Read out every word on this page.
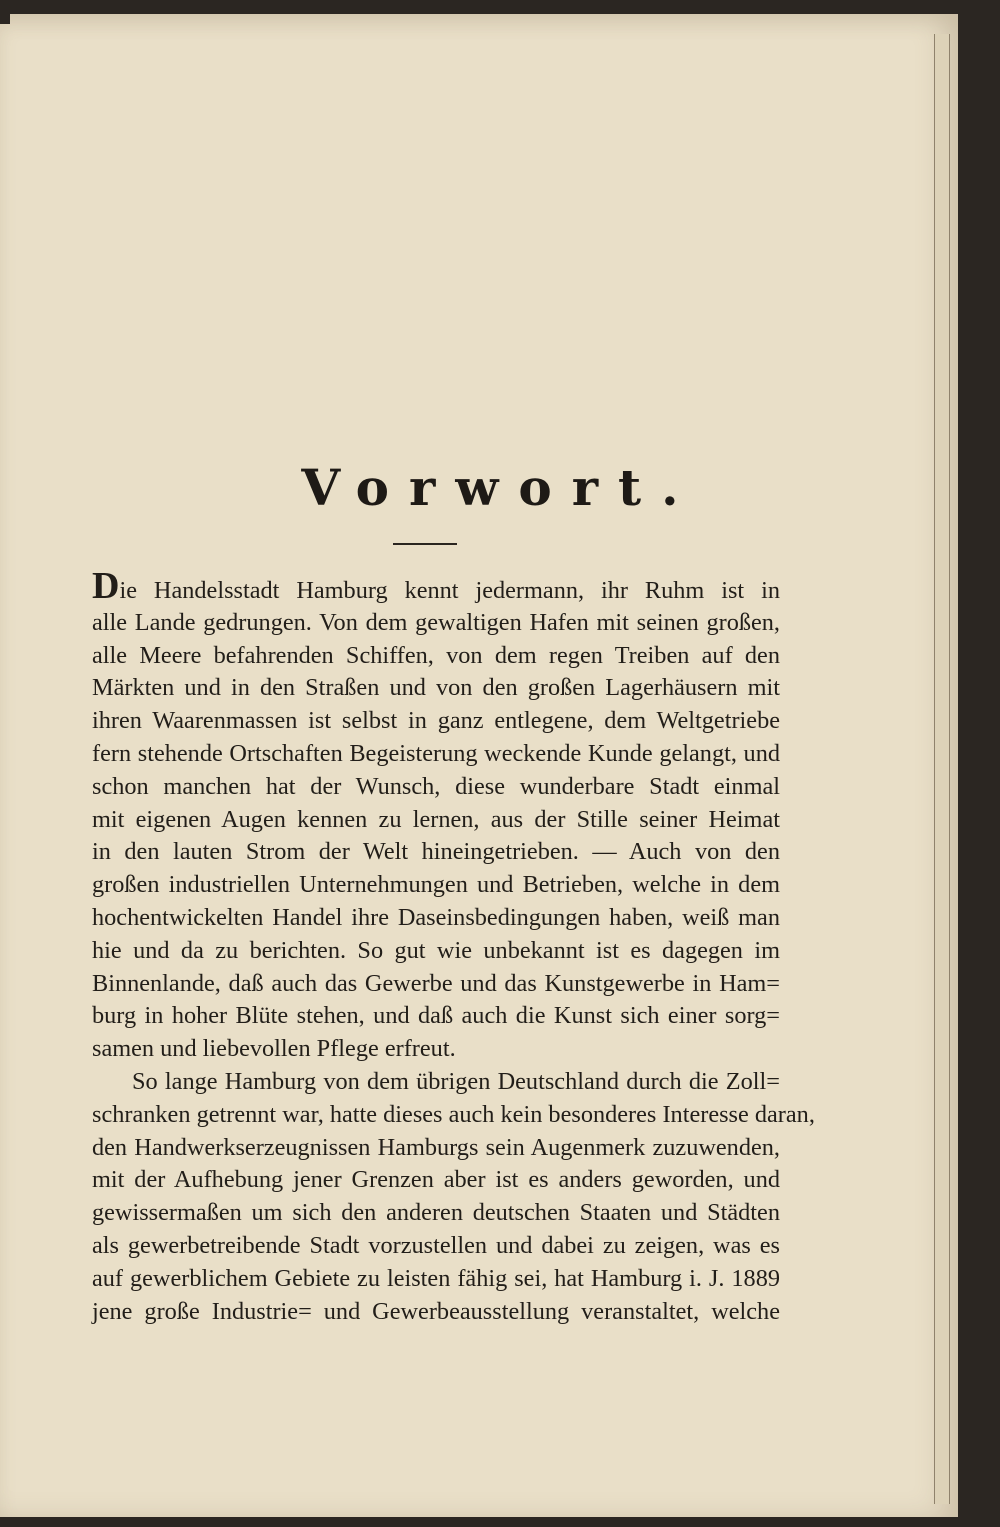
Vorwort.
Die Handelsstadt Hamburg kennt jedermann, ihr Ruhm ist in
alle Lande gedrungen. Von dem gewaltigen Hafen mit seinen großen,
alle Meere befahrenden Schiffen, von dem regen Treiben auf den
Märkten und in den Straßen und von den großen Lagerhäusern mit
ihren Waarenmassen ist selbst in ganz entlegene, dem Weltgetriebe
fern stehende Ortschaften Begeisterung weckende Kunde gelangt, und
schon manchen hat der Wunsch, diese wunderbare Stadt einmal
mit eigenen Augen kennen zu lernen, aus der Stille seiner Heimat
in den lauten Strom der Welt hineingetrieben. — Auch von den
großen industriellen Unternehmungen und Betrieben, welche in dem
hochentwickelten Handel ihre Daseinsbedingungen haben, weiß man
hie und da zu berichten. So gut wie unbekannt ist es dagegen im
Binnenlande, daß auch das Gewerbe und das Kunstgewerbe in Ham=
burg in hoher Blüte stehen, und daß auch die Kunst sich einer sorg=
samen und liebevollen Pflege erfreut.
So lange Hamburg von dem übrigen Deutschland durch die Zoll=
schranken getrennt war, hatte dieses auch kein besonderes Interesse daran,
den Handwerkserzeugnissen Hamburgs sein Augenmerk zuzuwenden,
mit der Aufhebung jener Grenzen aber ist es anders geworden, und
gewissermaßen um sich den anderen deutschen Staaten und Städten
als gewerbetreibende Stadt vorzustellen und dabei zu zeigen, was es
auf gewerblichem Gebiete zu leisten fähig sei, hat Hamburg i. J. 1889
jene große Industrie= und Gewerbeausstellung veranstaltet, welche
